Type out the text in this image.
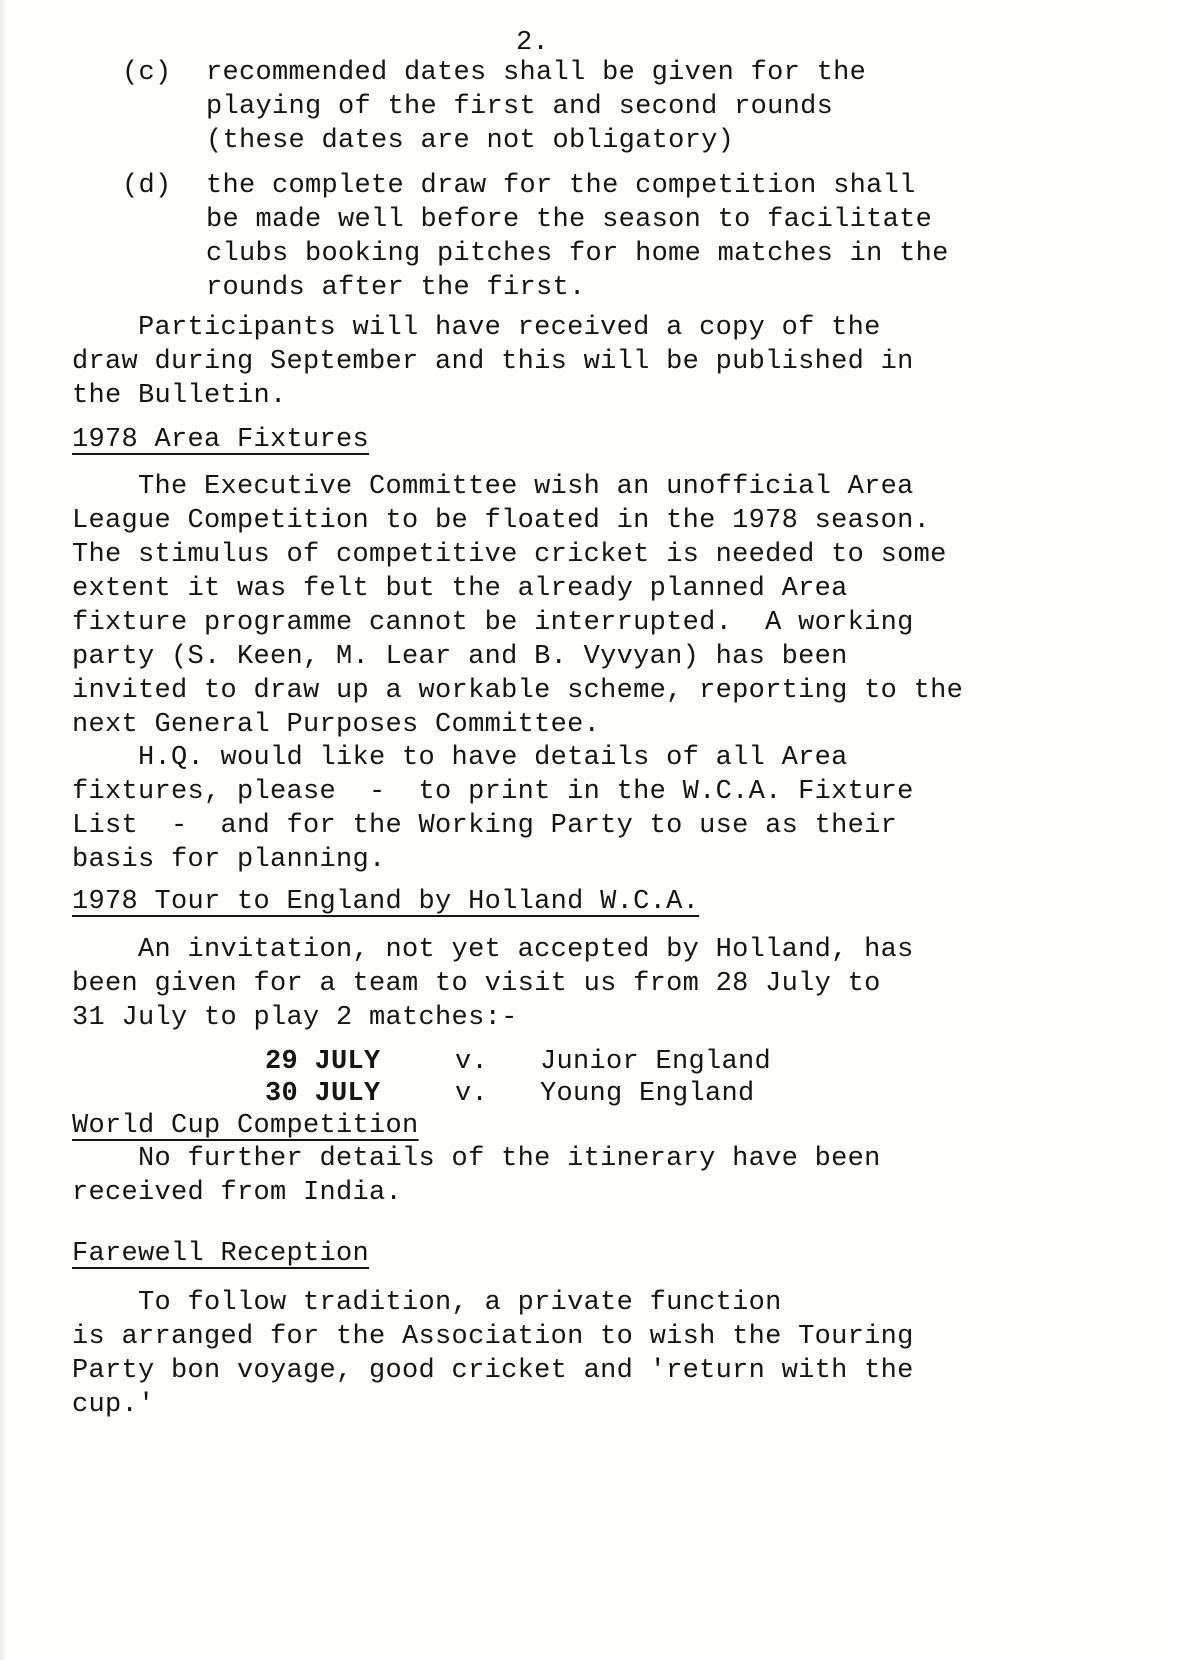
2.
(c) recommended dates shall be given for the
playing of the first and second rounds
(these dates are not obligatory)
(d) the complete draw for the competition shall
be made well before the season to facilitate
clubs booking pitches for home matches in the
rounds after the first.
Participants will have received a copy of the
draw during September and this will be published in
the Bulletin.
1978 Area Fixtures
The Executive Committee wish an unofficial Area
League Competition to be floated in the 1978 season.
The stimulus of competitive cricket is needed to some
extent it was felt but the already planned Area
fixture programme cannot be interrupted.  A working
party (S. Keen, M. Lear and B. Vyvyan) has been
invited to draw up a workable scheme, reporting to the
next General Purposes Committee.
H.Q. would like to have details of all Area
fixtures, please  -  to print in the W.C.A. Fixture
List  -  and for the Working Party to use as their
basis for planning.
1978 Tour to England by Holland W.C.A.
An invitation, not yet accepted by Holland, has
been given for a team to visit us from 28 July to
31 July to play 2 matches:-
29 JULY	v. Junior England
30 JULY	v. Young England
World Cup Competition
No further details of the itinerary have been
received from India.
Farewell Reception
To follow tradition, a private function
is arranged for the Association to wish the Touring
Party bon voyage, good cricket and 'return with the
cup.'
